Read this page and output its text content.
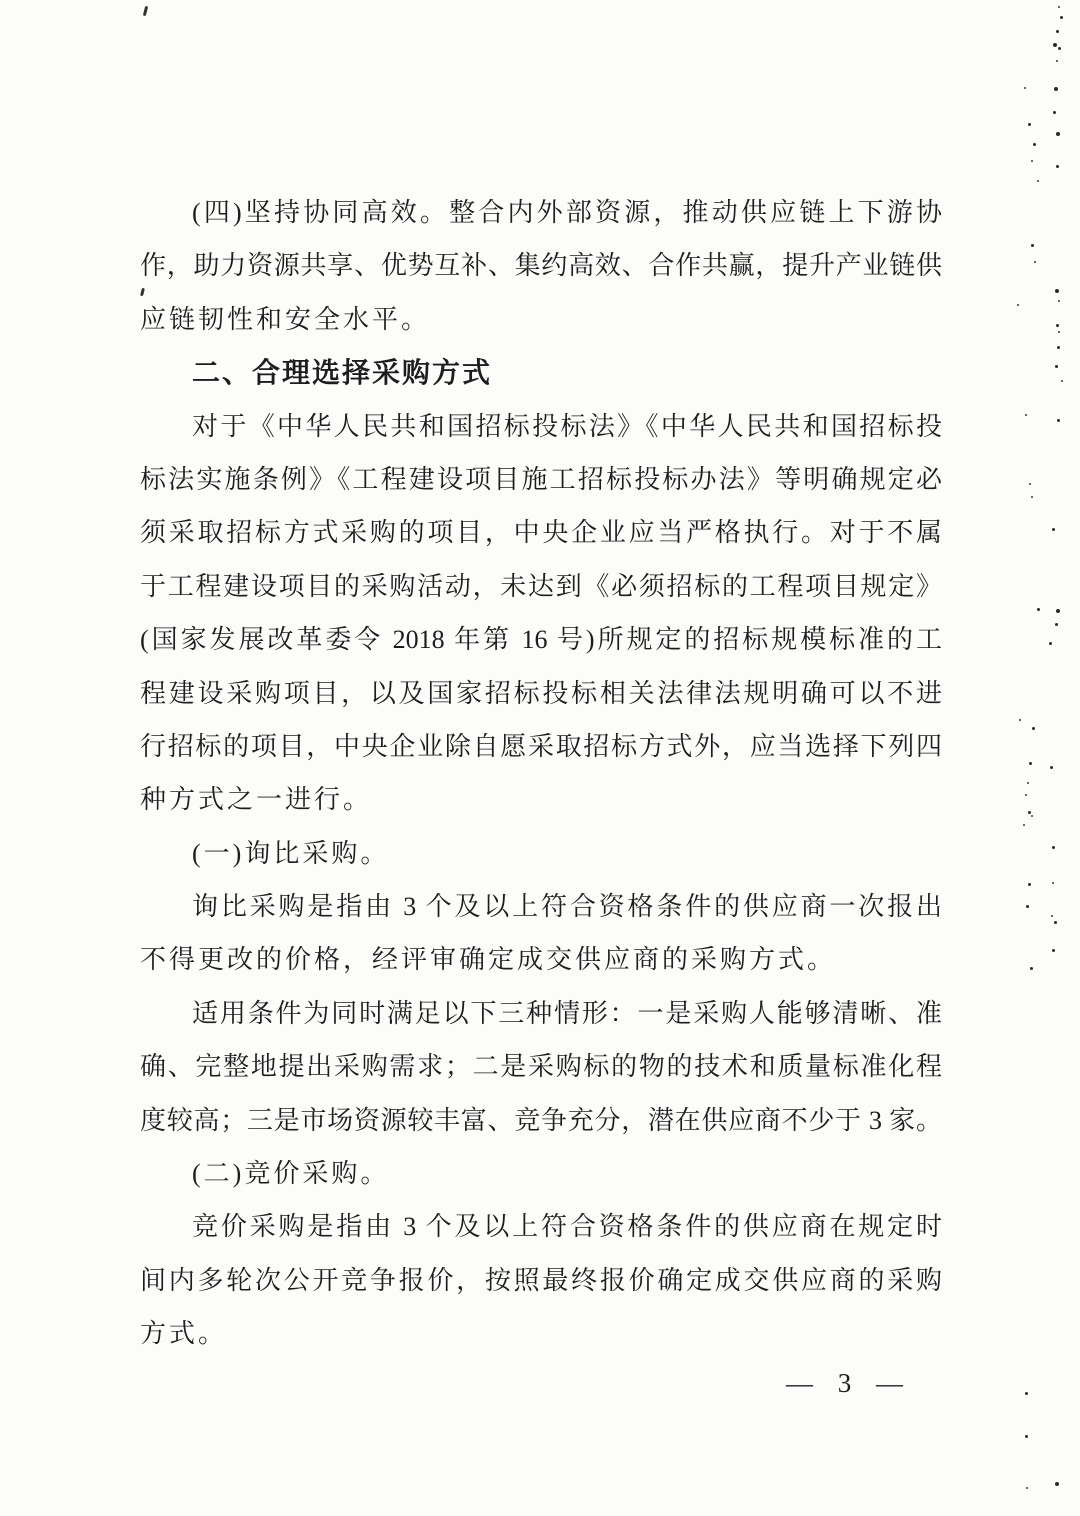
(四)坚持协同高效。整合内外部资源，推动供应链上下游协
作，助力资源共享、优势互补、集约高效、合作共赢，提升产业链供
应链韧性和安全水平。
二、合理选择采购方式
对于《中华人民共和国招标投标法》《中华人民共和国招标投
标法实施条例》《工程建设项目施工招标投标办法》等明确规定必
须采取招标方式采购的项目，中央企业应当严格执行。对于不属
于工程建设项目的采购活动，未达到《必须招标的工程项目规定》
(国家发展改革委令 2018 年第 16 号)所规定的招标规模标准的工
程建设采购项目，以及国家招标投标相关法律法规明确可以不进
行招标的项目，中央企业除自愿采取招标方式外，应当选择下列四
种方式之一进行。
(一)询比采购。
询比采购是指由 3 个及以上符合资格条件的供应商一次报出
不得更改的价格，经评审确定成交供应商的采购方式。
适用条件为同时满足以下三种情形：一是采购人能够清晰、准
确、完整地提出采购需求；二是采购标的物的技术和质量标准化程
度较高；三是市场资源较丰富、竞争充分，潜在供应商不少于 3 家。
(二)竞价采购。
竞价采购是指由 3 个及以上符合资格条件的供应商在规定时
间内多轮次公开竞争报价，按照最终报价确定成交供应商的采购
方式。
— 3 —
